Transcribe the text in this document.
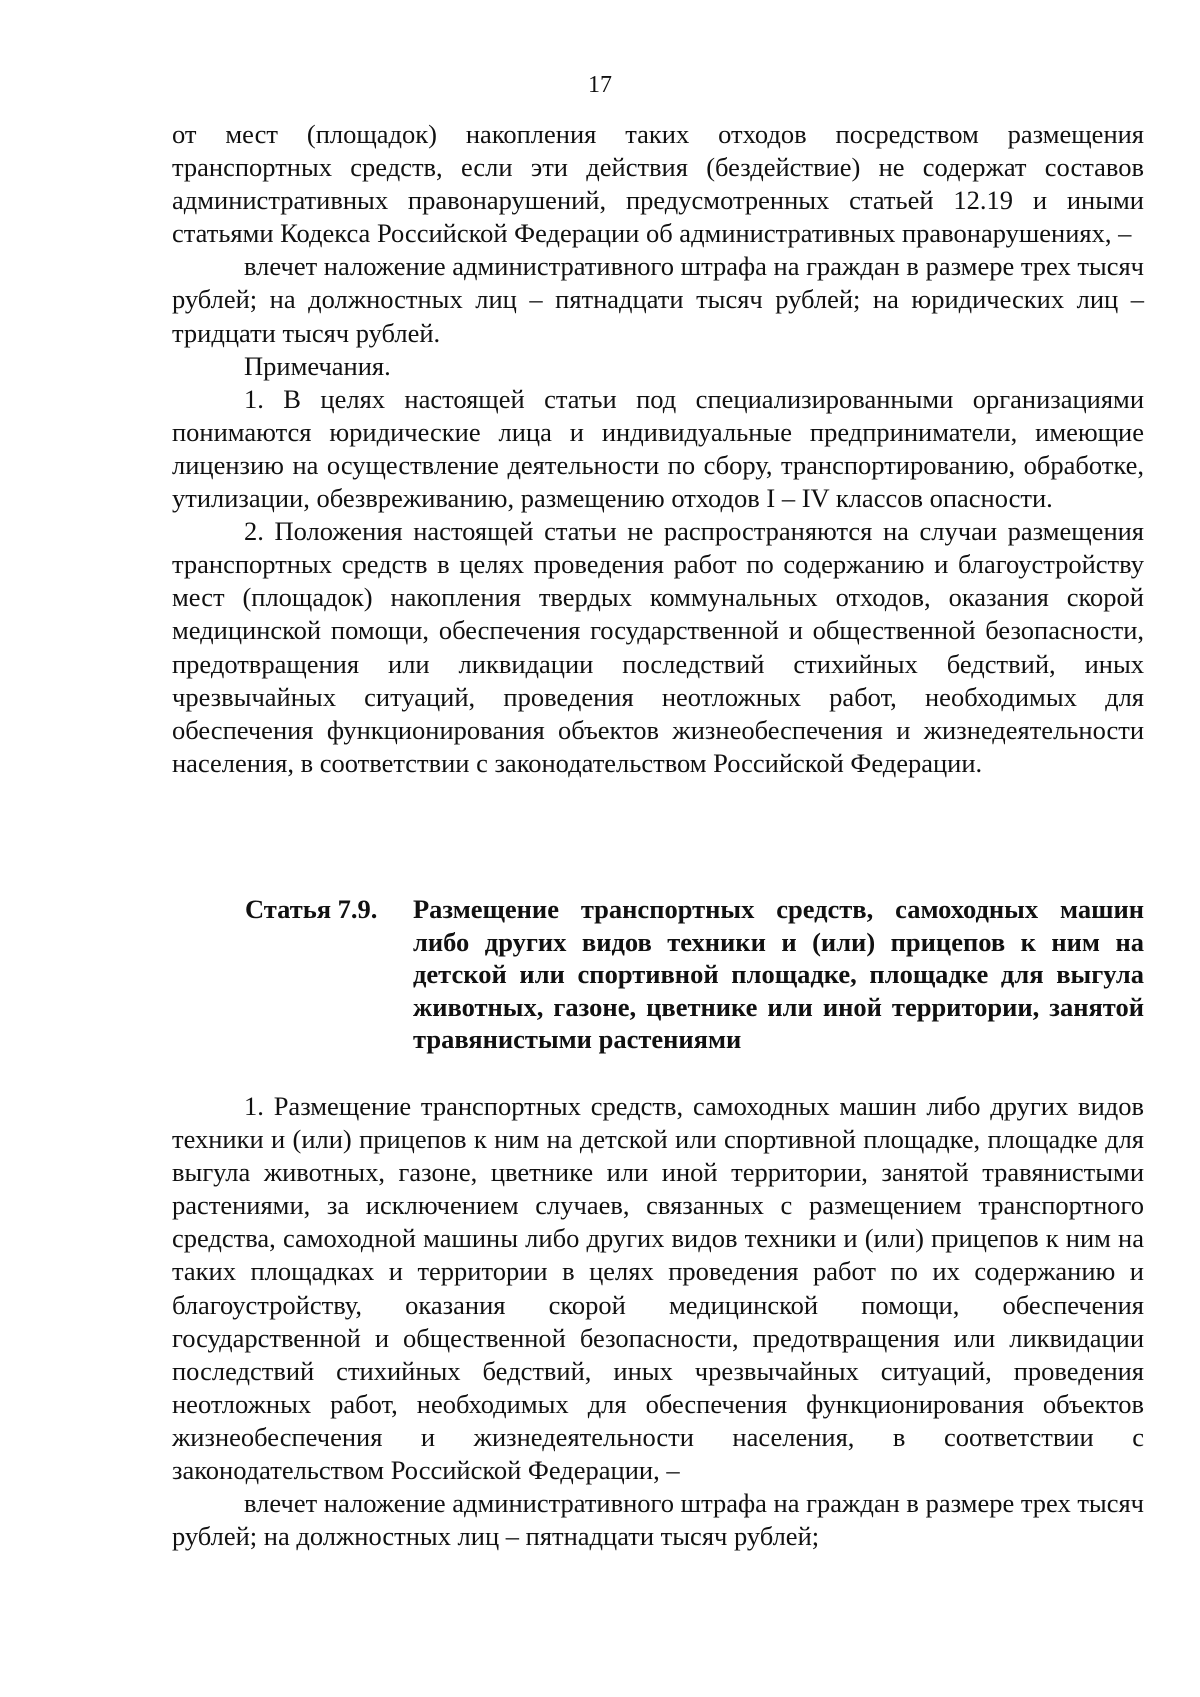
17

от мест (площадок) накопления таких отходов посредством размещения транспортных средств, если эти действия (бездействие) не содержат составов административных правонарушений, предусмотренных статьей 12.19 и иными статьями Кодекса Российской Федерации об административных правонарушениях, –

влечет наложение административного штрафа на граждан в размере трех тысяч рублей; на должностных лиц – пятнадцати тысяч рублей; на юридических лиц – тридцати тысяч рублей.

Примечания.

1. В целях настоящей статьи под специализированными организациями понимаются юридические лица и индивидуальные предприниматели, имеющие лицензию на осуществление деятельности по сбору, транспортированию, обработке, утилизации, обезвреживанию, размещению отходов I – IV классов опасности.

2. Положения настоящей статьи не распространяются на случаи размещения транспортных средств в целях проведения работ по содержанию и благоустройству мест (площадок) накопления твердых коммунальных отходов, оказания скорой медицинской помощи, обеспечения государственной и общественной безопасности, предотвращения или ликвидации последствий стихийных бедствий, иных чрезвычайных ситуаций, проведения неотложных работ, необходимых для обеспечения функционирования объектов жизнеобеспечения и жизнедеятельности населения, в соответствии с законодательством Российской Федерации.

Статья 7.9. Размещение транспортных средств, самоходных машин либо других видов техники и (или) прицепов к ним на детской или спортивной площадке, площадке для выгула животных, газоне, цветнике или иной территории, занятой травянистыми растениями

1. Размещение транспортных средств, самоходных машин либо других видов техники и (или) прицепов к ним на детской или спортивной площадке, площадке для выгула животных, газоне, цветнике или иной территории, занятой травянистыми растениями, за исключением случаев, связанных с размещением транспортного средства, самоходной машины либо других видов техники и (или) прицепов к ним на таких площадках и территории в целях проведения работ по их содержанию и благоустройству, оказания скорой медицинской помощи, обеспечения государственной и общественной безопасности, предотвращения или ликвидации последствий стихийных бедствий, иных чрезвычайных ситуаций, проведения неотложных работ, необходимых для обеспечения функционирования объектов жизнеобеспечения и жизнедеятельности населения, в соответствии с законодательством Российской Федерации, –

влечет наложение административного штрафа на граждан в размере трех тысяч рублей; на должностных лиц – пятнадцати тысяч рублей;
